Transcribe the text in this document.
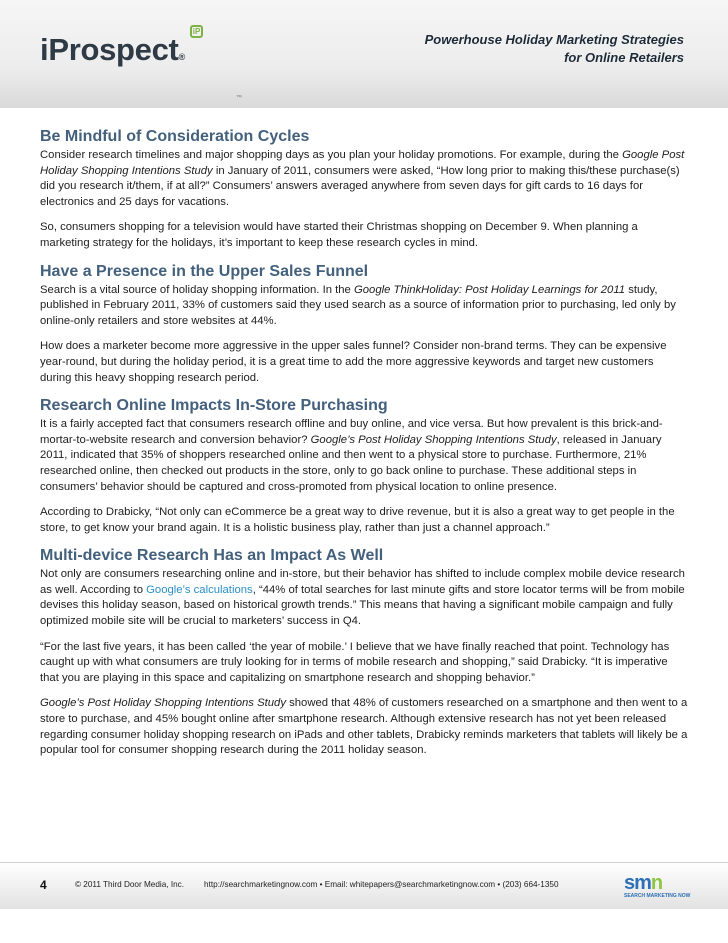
iProspect®
iP
™
Powerhouse Holiday Marketing Strategies
for Online Retailers
Be Mindful of Consideration Cycles

Consider research timelines and major shopping days as you plan your holiday promotions. For example, during the Google Post Holiday Shopping Intentions Study in January of 2011, consumers were asked, “How long prior to making this/these purchase(s) did you research it/them, if at all?” Consumers’ answers averaged anywhere from seven days for gift cards to 16 days for electronics and 25 days for vacations.

So, consumers shopping for a television would have started their Christmas shopping on December 9. When planning a marketing strategy for the holidays, it’s important to keep these research cycles in mind.

Have a Presence in the Upper Sales Funnel

Search is a vital source of holiday shopping information. In the Google ThinkHoliday: Post Holiday Learnings for 2011 study, published in February 2011, 33% of customers said they used search as a source of information prior to purchasing, led only by online-only retailers and store websites at 44%.

How does a marketer become more aggressive in the upper sales funnel? Consider non-brand terms. They can be expensive year-round, but during the holiday period, it is a great time to add the more aggressive keywords and target new customers during this heavy shopping research period.

Research Online Impacts In-Store Purchasing

It is a fairly accepted fact that consumers research offline and buy online, and vice versa. But how prevalent is this brick-and-mortar-to-website research and conversion behavior? Google’s Post Holiday Shopping Intentions Study, released in January 2011, indicated that 35% of shoppers researched online and then went to a physical store to purchase. Furthermore, 21% researched online, then checked out products in the store, only to go back online to purchase. These additional steps in consumers’ behavior should be captured and cross-promoted from physical location to online presence.

According to Drabicky, “Not only can eCommerce be a great way to drive revenue, but it is also a great way to get people in the store, to get know your brand again. It is a holistic business play, rather than just a channel approach.”

Multi-device Research Has an Impact As Well

Not only are consumers researching online and in-store, but their behavior has shifted to include complex mobile device research as well. According to Google’s calculations, “44% of total searches for last minute gifts and store locator terms will be from mobile devises this holiday season, based on historical growth trends.” This means that having a significant mobile campaign and fully optimized mobile site will be crucial to marketers’ success in Q4.

“For the last five years, it has been called ‘the year of mobile.’ I believe that we have finally reached that point. Technology has caught up with what consumers are truly looking for in terms of mobile research and shopping,” said Drabicky. “It is imperative that you are playing in this space and capitalizing on smartphone research and shopping behavior.”

Google’s Post Holiday Shopping Intentions Study showed that 48% of customers researched on a smartphone and then went to a store to purchase, and 45% bought online after smartphone research. Although extensive research has not yet been released regarding consumer holiday shopping research on iPads and other tablets, Drabicky reminds marketers that tablets will likely be a popular tool for consumer shopping research during the 2011 holiday season.

4	© 2011 Third Door Media, Inc. http://searchmarketingnow.com • Email: whitepapers@searchmarketingnow.com • (203) 664-1350	smn
SEARCH MARKETING NOW
